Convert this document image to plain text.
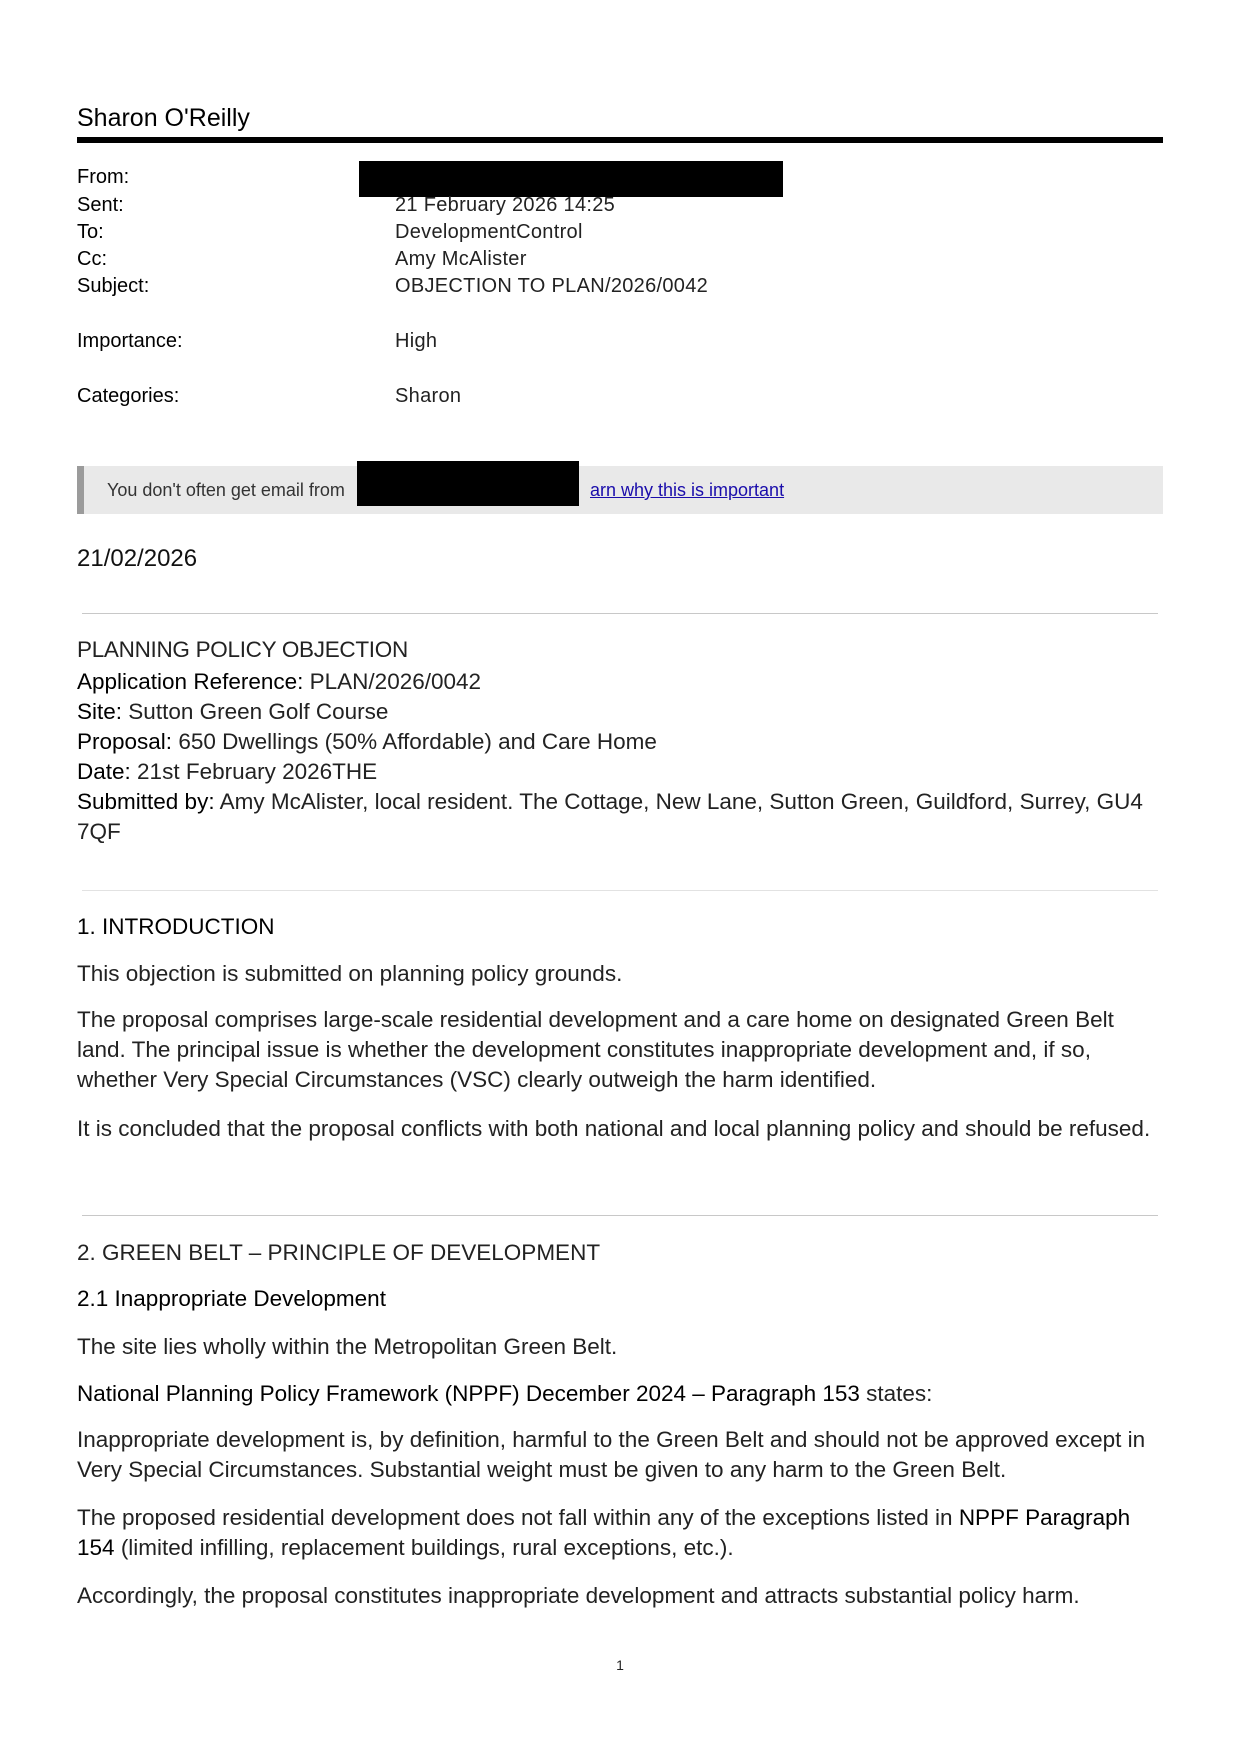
Sharon O'Reilly
From:
Sent:	21 February 2026 14:25
To:	DevelopmentControl
Cc:	Amy McAlister
Subject:	OBJECTION TO PLAN/2026/0042
Importance:	High
Categories:	Sharon
You don't often get email from	arn why this is important
21/02/2026
PLANNING POLICY OBJECTION
Application Reference: PLAN/2026/0042
Site: Sutton Green Golf Course
Proposal: 650 Dwellings (50% Affordable) and Care Home
Date: 21st February 2026THE
Submitted by: Amy McAlister, local resident. The Cottage, New Lane, Sutton Green, Guildford, Surrey, GU4 7QF
1. INTRODUCTION
This objection is submitted on planning policy grounds.
The proposal comprises large-scale residential development and a care home on designated Green Belt land. The principal issue is whether the development constitutes inappropriate development and, if so, whether Very Special Circumstances (VSC) clearly outweigh the harm identified.
It is concluded that the proposal conflicts with both national and local planning policy and should be refused.
2. GREEN BELT – PRINCIPLE OF DEVELOPMENT
2.1 Inappropriate Development
The site lies wholly within the Metropolitan Green Belt.
National Planning Policy Framework (NPPF) December 2024 – Paragraph 153 states:
Inappropriate development is, by definition, harmful to the Green Belt and should not be approved except in Very Special Circumstances. Substantial weight must be given to any harm to the Green Belt.
The proposed residential development does not fall within any of the exceptions listed in NPPF Paragraph 154 (limited infilling, replacement buildings, rural exceptions, etc.).
Accordingly, the proposal constitutes inappropriate development and attracts substantial policy harm.
1
